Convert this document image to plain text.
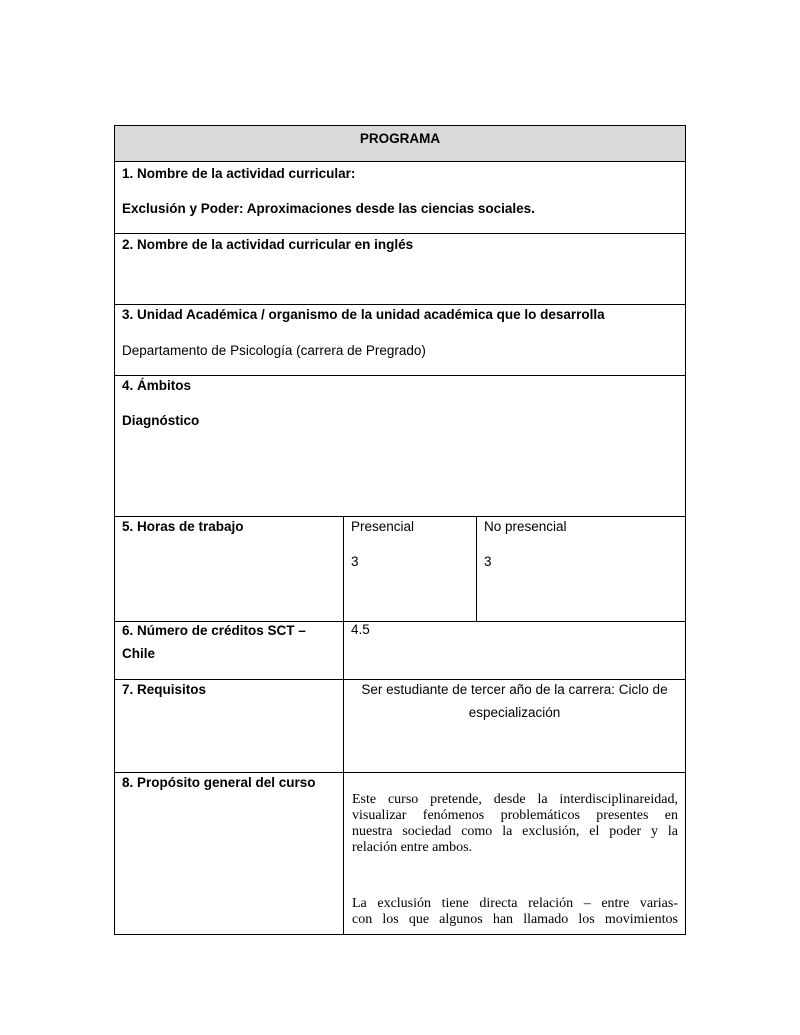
PROGRAMA
1. Nombre de la actividad curricular:
Exclusión y Poder: Aproximaciones desde las ciencias sociales.
2. Nombre de la actividad curricular en inglés
3. Unidad Académica / organismo de la unidad académica que lo desarrolla
Departamento de Psicología (carrera de Pregrado)
4. Ámbitos
Diagnóstico
5. Horas de trabajo	Presencial
3
No presencial
3
6. Número de créditos SCT –
Chile
4.5
7. Requisitos	Ser estudiante de tercer año de la carrera: Ciclo de
especialización
8. Propósito general del curso
Este curso pretende, desde la interdisciplinareidad,
visualizar fenómenos problemáticos presentes en
nuestra sociedad como la exclusión, el poder y la
relación entre ambos.
La exclusión tiene directa relación – entre varias-
con los que algunos han llamado los movimientos
